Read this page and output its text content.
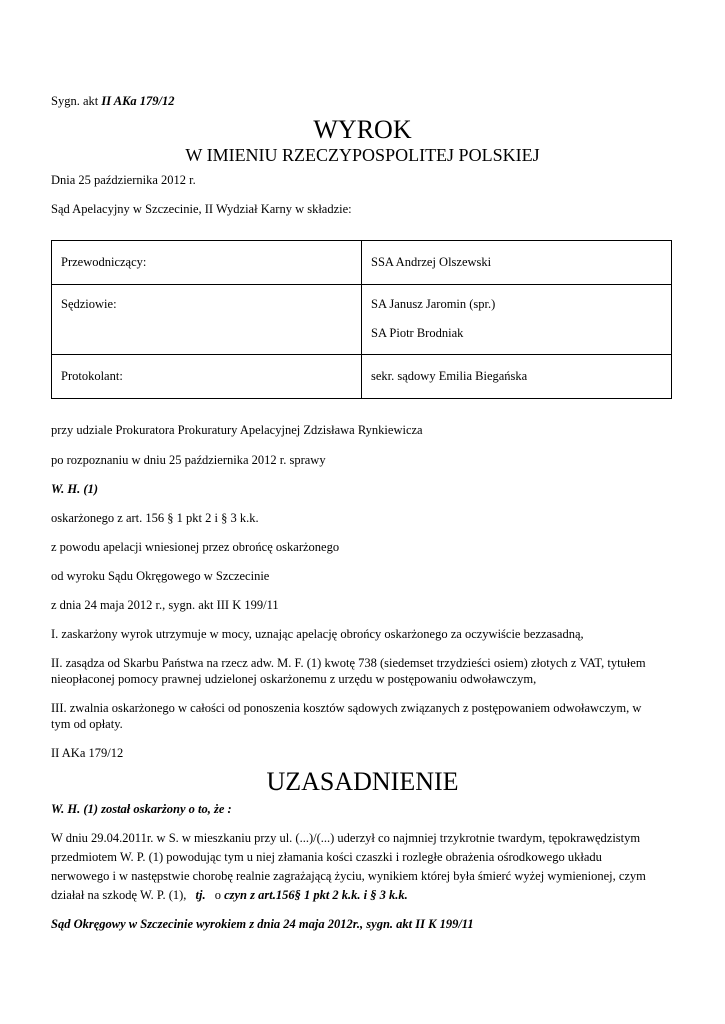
Sygn. akt II AKa 179/12
WYROK
W IMIENIU RZECZYPOSPOLITEJ POLSKIEJ
Dnia 25 października 2012 r.
Sąd Apelacyjny w Szczecinie, II Wydział Karny w składzie:
Przewodniczący:	SSA Andrzej Olszewski

Sędziowie:	SA Janusz Jaromin (spr.)
SA Piotr Brodniak

Protokolant:	sekr. sądowy Emilia Biegańska
przy udziale Prokuratora Prokuratury Apelacyjnej Zdzisława Rynkiewicza
po rozpoznaniu w dniu 25 października 2012 r. sprawy
W. H. (1)
oskarżonego z art. 156 § 1 pkt 2 i § 3 k.k.
z powodu apelacji wniesionej przez obrońcę oskarżonego
od wyroku Sądu Okręgowego w Szczecinie
z dnia 24 maja 2012 r., sygn. akt III K 199/11
I. zaskarżony wyrok utrzymuje w mocy, uznając apelację obrońcy oskarżonego za oczywiście bezzasadną,
II. zasądza od Skarbu Państwa na rzecz adw. M. F. (1) kwotę 738 (siedemset trzydzieści osiem) złotych z VAT, tytułem
nieopłaconej pomocy prawnej udzielonej oskarżonemu z urzędu w postępowaniu odwoławczym,
III. zwalnia oskarżonego w całości od ponoszenia kosztów sądowych związanych z postępowaniem odwoławczym, w
tym od opłaty.
II AKa 179/12
UZASADNIENIE
W. H. (1) został oskarżony o to, że :
W dniu 29.04.2011r. w S. w mieszkaniu przy ul. (...)/(...) uderzył co najmniej trzykrotnie twardym, tępokrawędzistym
przedmiotem W. P. (1) powodując tym u niej złamania kości czaszki i rozległe obrażenia ośrodkowego układu
nerwowego i w następstwie chorobę realnie zagrażającą życiu, wynikiem której była śmierć wyżej wymienionej, czym
działał na szkodę W. P. (1), tj. o czyn z art.156§ 1 pkt 2 k.k. i § 3 k.k.
Sąd Okręgowy w Szczecinie wyrokiem z dnia 24 maja 2012r., sygn. akt II K 199/11
